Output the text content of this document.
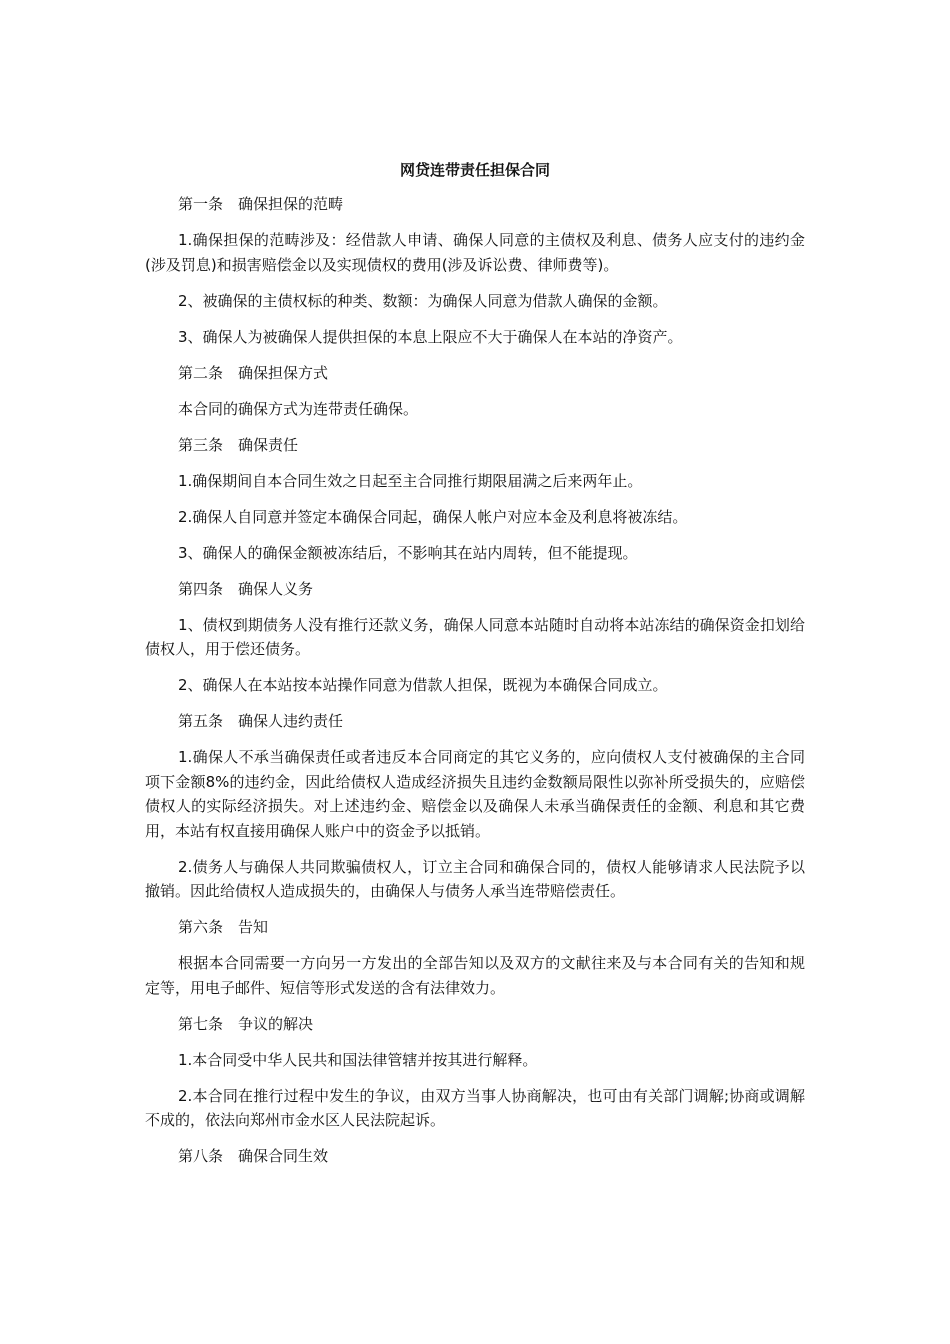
网贷连带责任担保合同
第一条　确保担保的范畴
1.确保担保的范畴涉及：经借款人申请、确保人同意的主债权及利息、债务人应支付的违约金(涉及罚息)和损害赔偿金以及实现债权的费用(涉及诉讼费、律师费等)。
2、被确保的主债权标的种类、数额：为确保人同意为借款人确保的金额。
3、确保人为被确保人提供担保的本息上限应不大于确保人在本站的净资产。
第二条　确保担保方式
本合同的确保方式为连带责任确保。
第三条　确保责任
1.确保期间自本合同生效之日起至主合同推行期限届满之后来两年止。
2.确保人自同意并签定本确保合同起，确保人帐户对应本金及利息将被冻结。
3、确保人的确保金额被冻结后，不影响其在站内周转，但不能提现。
第四条　确保人义务
1、债权到期债务人没有推行还款义务，确保人同意本站随时自动将本站冻结的确保资金扣划给债权人，用于偿还债务。
2、确保人在本站按本站操作同意为借款人担保，既视为本确保合同成立。
第五条　确保人违约责任
1.确保人不承当确保责任或者违反本合同商定的其它义务的，应向债权人支付被确保的主合同项下金额8%的违约金，因此给债权人造成经济损失且违约金数额局限性以弥补所受损失的，应赔偿债权人的实际经济损失。对上述违约金、赔偿金以及确保人未承当确保责任的金额、利息和其它费用，本站有权直接用确保人账户中的资金予以抵销。
2.债务人与确保人共同欺骗债权人，订立主合同和确保合同的，债权人能够请求人民法院予以撤销。因此给债权人造成损失的，由确保人与债务人承当连带赔偿责任。
第六条　告知
根据本合同需要一方向另一方发出的全部告知以及双方的文献往来及与本合同有关的告知和规定等，用电子邮件、短信等形式发送的含有法律效力。
第七条　争议的解决
1.本合同受中华人民共和国法律管辖并按其进行解释。
2.本合同在推行过程中发生的争议，由双方当事人协商解决，也可由有关部门调解;协商或调解不成的，依法向郑州市金水区人民法院起诉。
第八条　确保合同生效
